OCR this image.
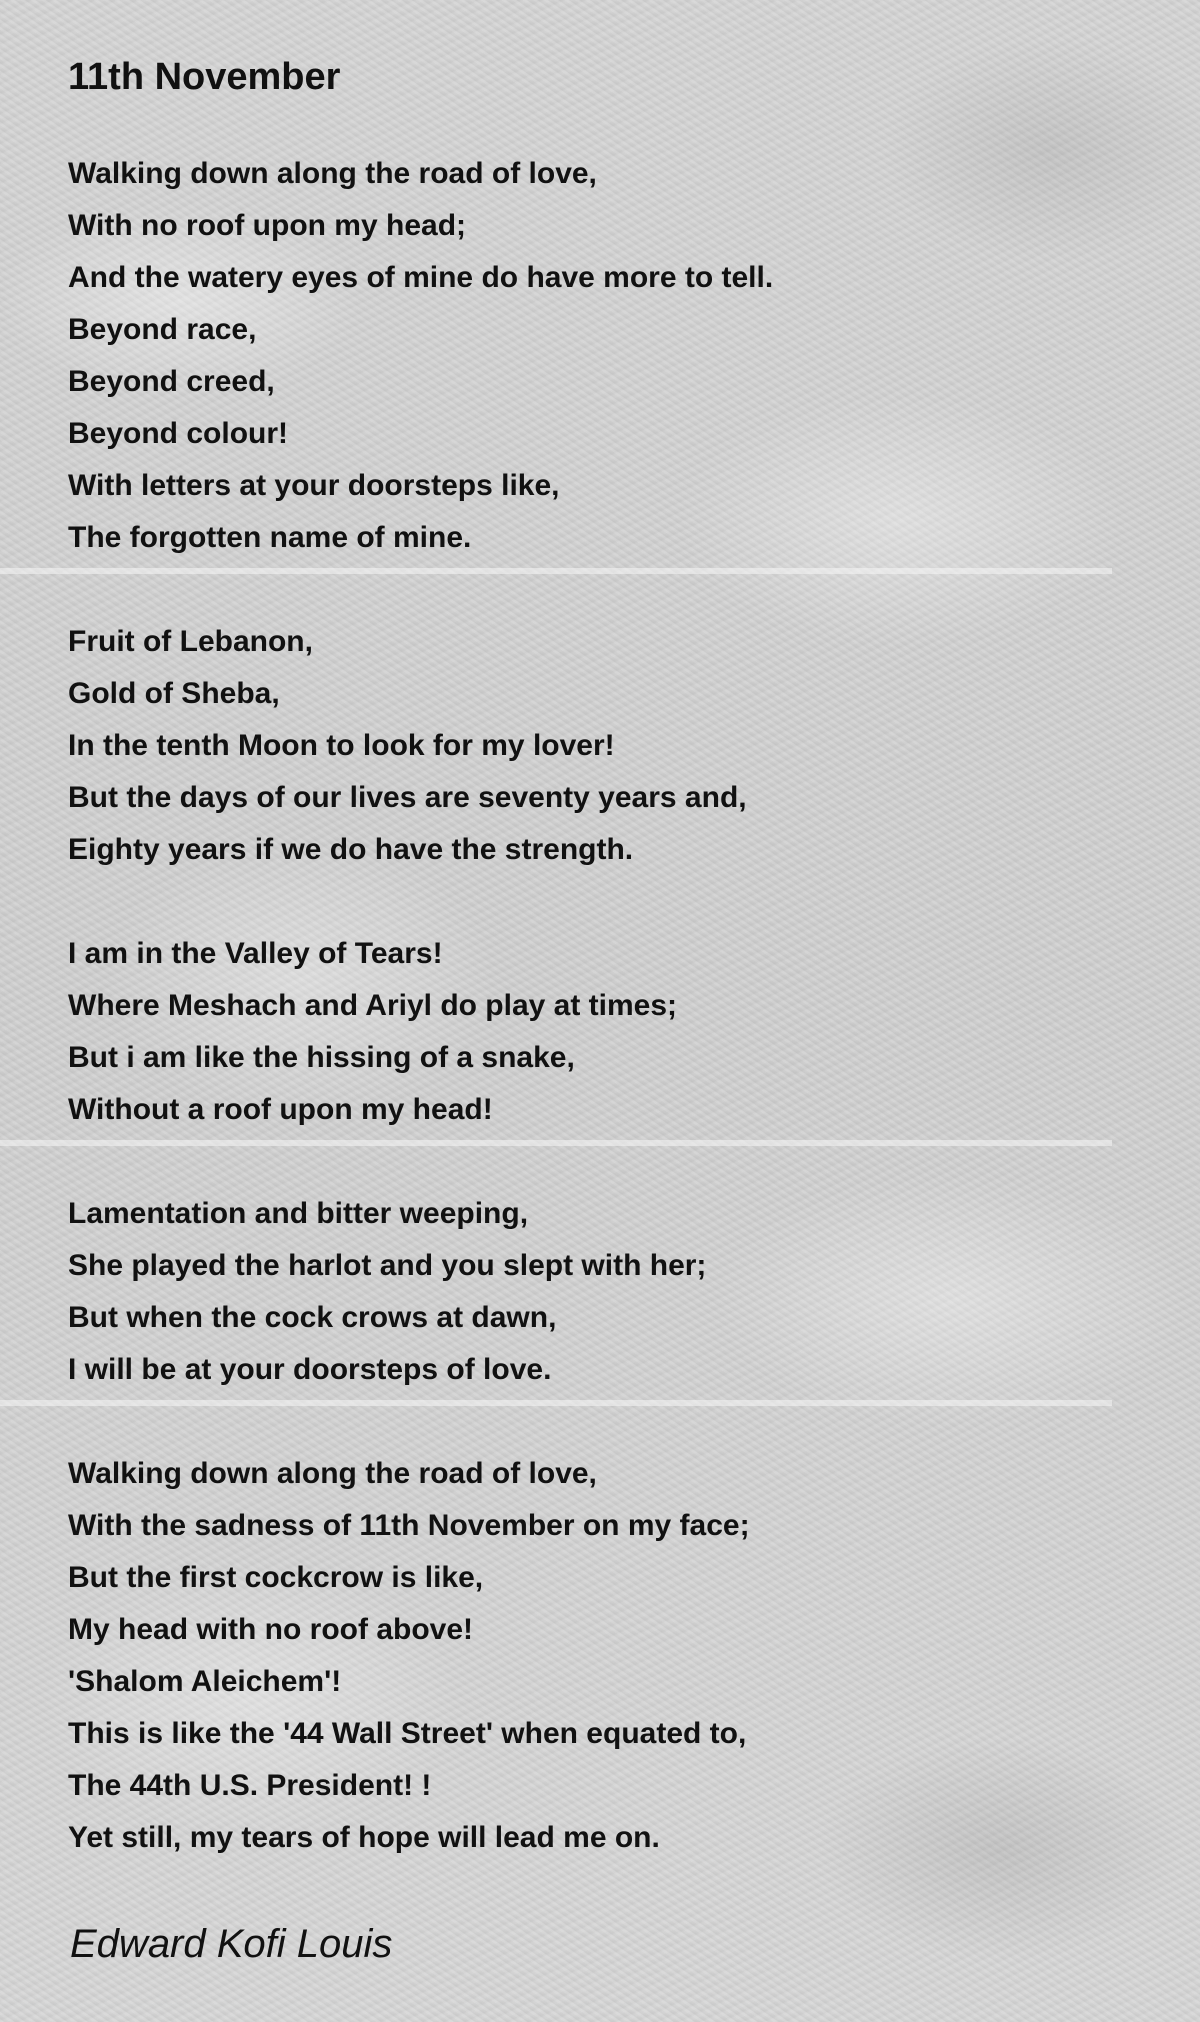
11th November
Walking down along the road of love,
With no roof upon my head;
And the watery eyes of mine do have more to tell.
Beyond race,
Beyond creed,
Beyond colour!
With letters at your doorsteps like,
The forgotten name of mine.
Fruit of Lebanon,
Gold of Sheba,
In the tenth Moon to look for my lover!
But the days of our lives are seventy years and,
Eighty years if we do have the strength.
I am in the Valley of Tears!
Where Meshach and Ariyl do play at times;
But i am like the hissing of a snake,
Without a roof upon my head!
Lamentation and bitter weeping,
She played the harlot and you slept with her;
But when the cock crows at dawn,
I will be at your doorsteps of love.
Walking down along the road of love,
With the sadness of 11th November on my face;
But the first cockcrow is like,
My head with no roof above!
'Shalom Aleichem'!
This is like the '44 Wall Street' when equated to,
The 44th U.S. President! !
Yet still, my tears of hope will lead me on.
Edward Kofi Louis
